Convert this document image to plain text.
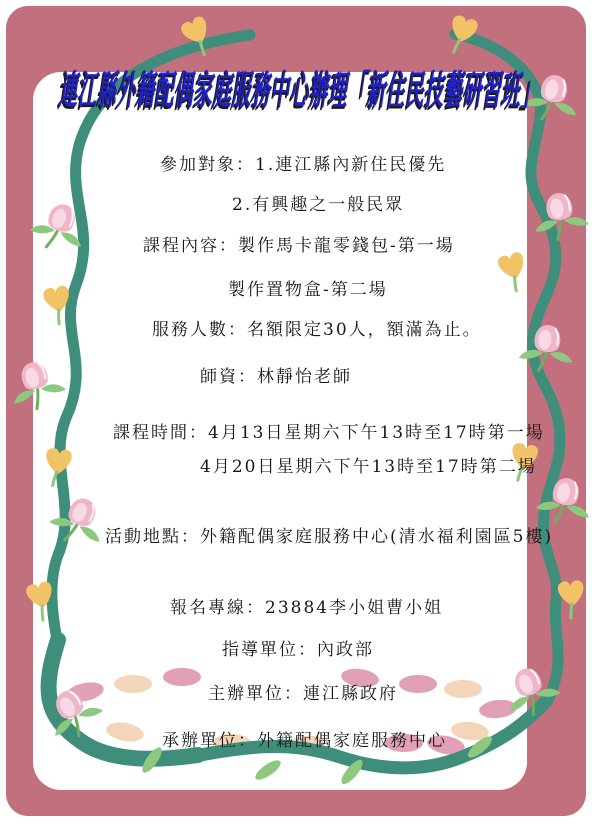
連江縣外籍配偶家庭服務中心辦理「新住民技藝研習班」
參加對象：1.連江縣內新住民優先
2.有興趣之一般民眾
課程內容：製作馬卡龍零錢包-第一場
製作置物盒-第二場
服務人數：名額限定30人，額滿為止。
師資：林靜怡老師
課程時間：4月13日星期六下午13時至17時第一場
4月20日星期六下午13時至17時第二場
活動地點：外籍配偶家庭服務中心(清水福利園區5樓)
報名專線：23884李小姐曹小姐
指導單位：內政部
主辦單位：連江縣政府
承辦單位：外籍配偶家庭服務中心
